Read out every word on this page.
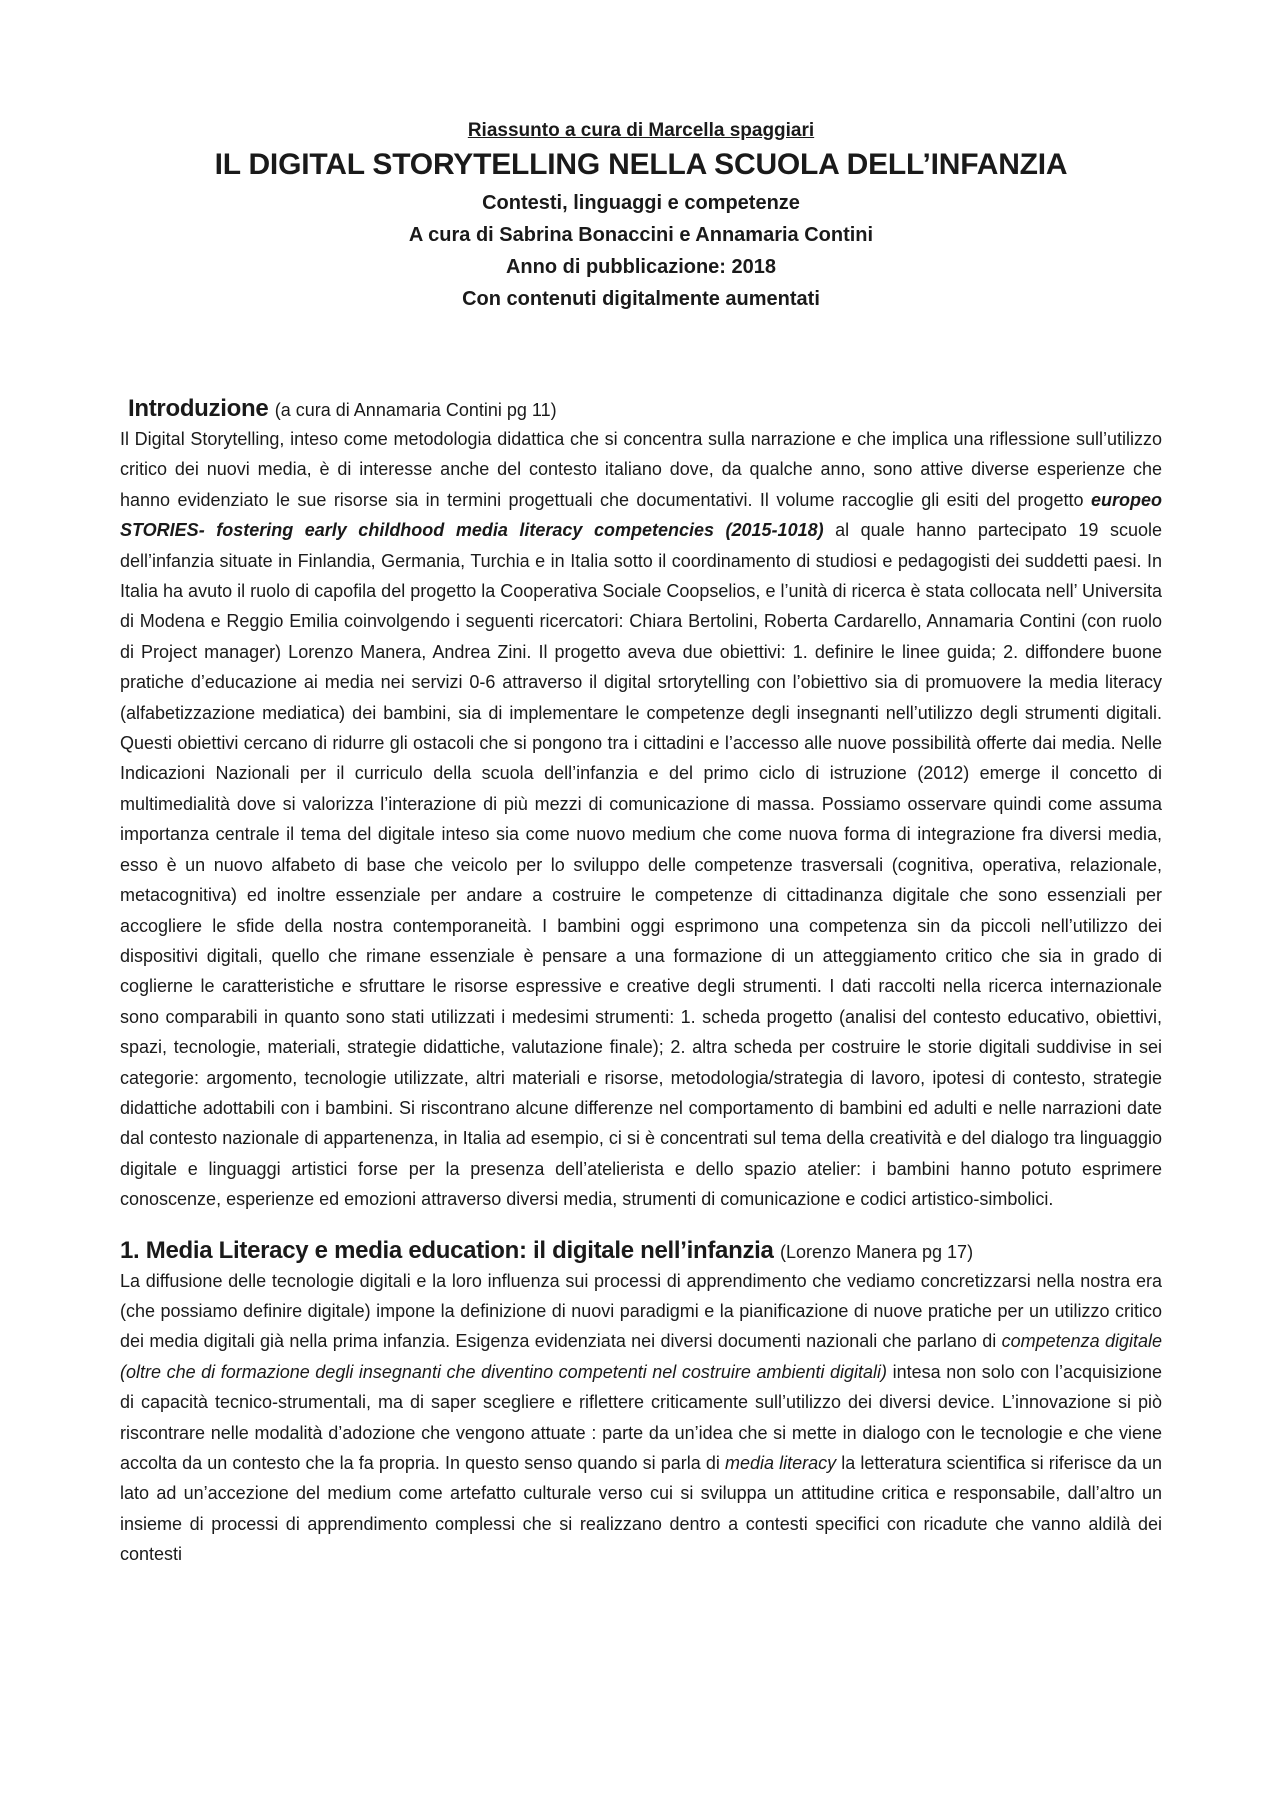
Riassunto a cura di Marcella spaggiari
IL DIGITAL STORYTELLING NELLA SCUOLA DELL’INFANZIA
Contesti, linguaggi e competenze
A cura di Sabrina Bonaccini e Annamaria Contini
Anno di pubblicazione: 2018
Con contenuti digitalmente aumentati
Introduzione (a cura di Annamaria Contini pg 11)

Il Digital Storytelling, inteso come metodologia didattica che si concentra sulla narrazione e che implica una riflessione sull’utilizzo critico dei nuovi media, è di interesse anche del contesto italiano dove, da qualche anno, sono attive diverse esperienze che hanno evidenziato le sue risorse sia in termini progettuali che documentativi. Il volume raccoglie gli esiti del progetto europeo STORIES- fostering early childhood media literacy competencies (2015-1018) al quale hanno partecipato 19 scuole dell’infanzia situate in Finlandia, Germania, Turchia e in Italia sotto il coordinamento di studiosi e pedagogisti dei suddetti paesi. In Italia ha avuto il ruolo di capofila del progetto la Cooperativa Sociale Coopselios, e l’unità di ricerca è stata collocata nell’ Universita di Modena e Reggio Emilia coinvolgendo i seguenti ricercatori: Chiara Bertolini, Roberta Cardarello, Annamaria Contini (con ruolo di Project manager) Lorenzo Manera, Andrea Zini. Il progetto aveva due obiettivi: 1. definire le linee guida; 2. diffondere buone pratiche d’educazione ai media nei servizi 0-6 attraverso il digital srtorytelling con l’obiettivo sia di promuovere la media literacy (alfabetizzazione mediatica) dei bambini, sia di implementare le competenze degli insegnanti nell’utilizzo degli strumenti digitali. Questi obiettivi cercano di ridurre gli ostacoli che si pongono tra i cittadini e l’accesso alle nuove possibilità offerte dai media. Nelle Indicazioni Nazionali per il curriculo della scuola dell’infanzia e del primo ciclo di istruzione (2012) emerge il concetto di multimedialità dove si valorizza l’interazione di più mezzi di comunicazione di massa. Possiamo osservare quindi come assuma importanza centrale il tema del digitale inteso sia come nuovo medium che come nuova forma di integrazione fra diversi media, esso è un nuovo alfabeto di base che veicolo per lo sviluppo delle competenze trasversali (cognitiva, operativa, relazionale, metacognitiva) ed inoltre essenziale per andare a costruire le competenze di cittadinanza digitale che sono essenziali per accogliere le sfide della nostra contemporaneità. I bambini oggi esprimono una competenza sin da piccoli nell’utilizzo dei dispositivi digitali, quello che rimane essenziale è pensare a una formazione di un atteggiamento critico che sia in grado di coglierne le caratteristiche e sfruttare le risorse espressive e creative degli strumenti. I dati raccolti nella ricerca internazionale sono comparabili in quanto sono stati utilizzati i medesimi strumenti: 1. scheda progetto (analisi del contesto educativo, obiettivi, spazi, tecnologie, materiali, strategie didattiche, valutazione finale); 2. altra scheda per costruire le storie digitali suddivise in sei categorie: argomento, tecnologie utilizzate, altri materiali e risorse, metodologia/strategia di lavoro, ipotesi di contesto, strategie didattiche adottabili con i bambini. Si riscontrano alcune differenze nel comportamento di bambini ed adulti e nelle narrazioni date dal contesto nazionale di appartenenza, in Italia ad esempio, ci si è concentrati sul tema della creatività e del dialogo tra linguaggio digitale e linguaggi artistici forse per la presenza dell’atelierista e dello spazio atelier: i bambini hanno potuto esprimere conoscenze, esperienze ed emozioni attraverso diversi media, strumenti di comunicazione e codici artistico-simbolici.

1. Media Literacy e media education: il digitale nell’infanzia (Lorenzo Manera pg 17)

La diffusione delle tecnologie digitali e la loro influenza sui processi di apprendimento che vediamo concretizzarsi nella nostra era (che possiamo definire digitale) impone la definizione di nuovi paradigmi e la pianificazione di nuove pratiche per un utilizzo critico dei media digitali già nella prima infanzia. Esigenza evidenziata nei diversi documenti nazionali che parlano di competenza digitale (oltre che di formazione degli insegnanti che diventino competenti nel costruire ambienti digitali) intesa non solo con l’acquisizione di capacità tecnico-strumentali, ma di saper scegliere e riflettere criticamente sull’utilizzo dei diversi device. L’innovazione si piò riscontrare nelle modalità d’adozione che vengono attuate : parte da un’idea che si mette in dialogo con le tecnologie e che viene accolta da un contesto che la fa propria. In questo senso quando si parla di media literacy la letteratura scientifica si riferisce da un lato ad un’accezione del medium come artefatto culturale verso cui si sviluppa un attitudine critica e responsabile, dall’altro un insieme di processi di apprendimento complessi che si realizzano dentro a contesti specifici con ricadute che vanno aldilà dei contesti
